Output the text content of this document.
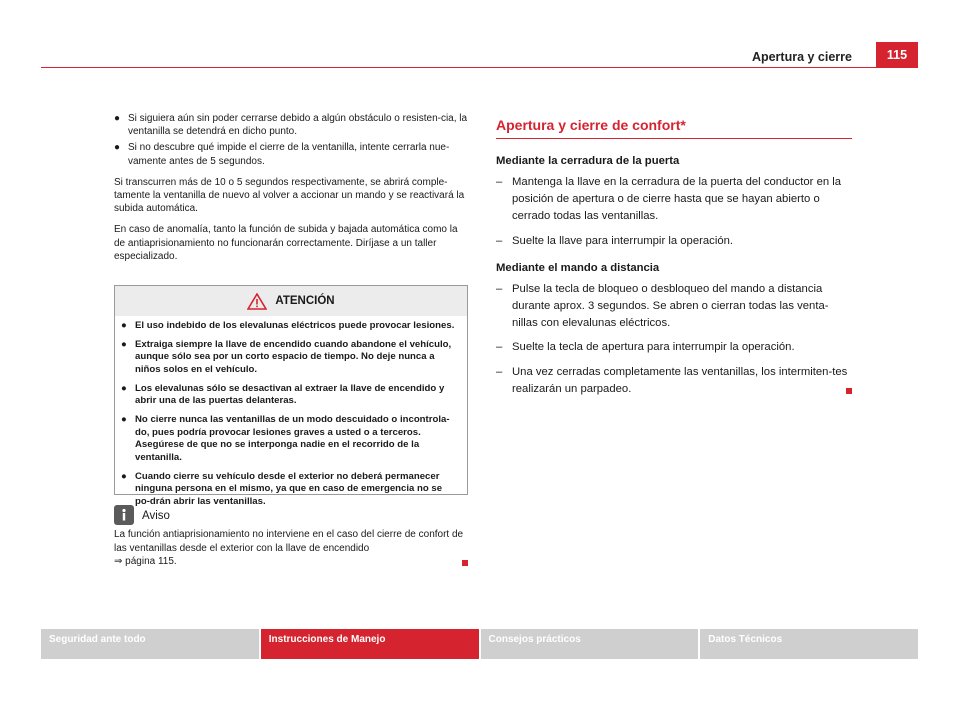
Apertura y cierre	115
● Si siguiera aún sin poder cerrarse debido a algún obstáculo o resisten-cia, la ventanilla se detendrá en dicho punto.
● Si no descubre qué impide el cierre de la ventanilla, intente cerrarla nue-vamente antes de 5 segundos.

Si transcurren más de 10 o 5 segundos respectivamente, se abrirá comple-tamente la ventanilla de nuevo al volver a accionar un mando y se reactivará la subida automática.

En caso de anomalía, tanto la función de subida y bajada automática como la de antiaprisionamiento no funcionarán correctamente. Diríjase a un taller especializado.

ATENCIÓN
● El uso indebido de los elevalunas eléctricos puede provocar lesiones.
● Extraiga siempre la llave de encendido cuando abandone el vehículo, aunque sólo sea por un corto espacio de tiempo. No deje nunca a niños solos en el vehículo.
● Los elevalunas sólo se desactivan al extraer la llave de encendido y abrir una de las puertas delanteras.
● No cierre nunca las ventanillas de un modo descuidado o incontrola-do, pues podría provocar lesiones graves a usted o a terceros. Asegúrese de que no se interponga nadie en el recorrido de la ventanilla.
● Cuando cierre su vehículo desde el exterior no deberá permanecer ninguna persona en el mismo, ya que en caso de emergencia no se po-drán abrir las ventanillas.
Aviso
La función antiaprisionamiento no interviene en el caso del cierre de confort de las ventanillas desde el exterior con la llave de encendido
⇒ página 115.
Apertura y cierre de confort*
Mediante la cerradura de la puerta
– Mantenga la llave en la cerradura de la puerta del conductor en la posición de apertura o de cierre hasta que se hayan abierto o cerrado todas las ventanillas.
– Suelte la llave para interrumpir la operación.
Mediante el mando a distancia
– Pulse la tecla de bloqueo o desbloqueo del mando a distancia durante aprox. 3 segundos. Se abren o cierran todas las venta-nillas con elevalunas eléctricos.
– Suelte la tecla de apertura para interrumpir la operación.
– Una vez cerradas completamente las ventanillas, los intermiten-tes realizarán un parpadeo.
Seguridad ante todo	Instrucciones de Manejo	Consejos prácticos	Datos Técnicos
